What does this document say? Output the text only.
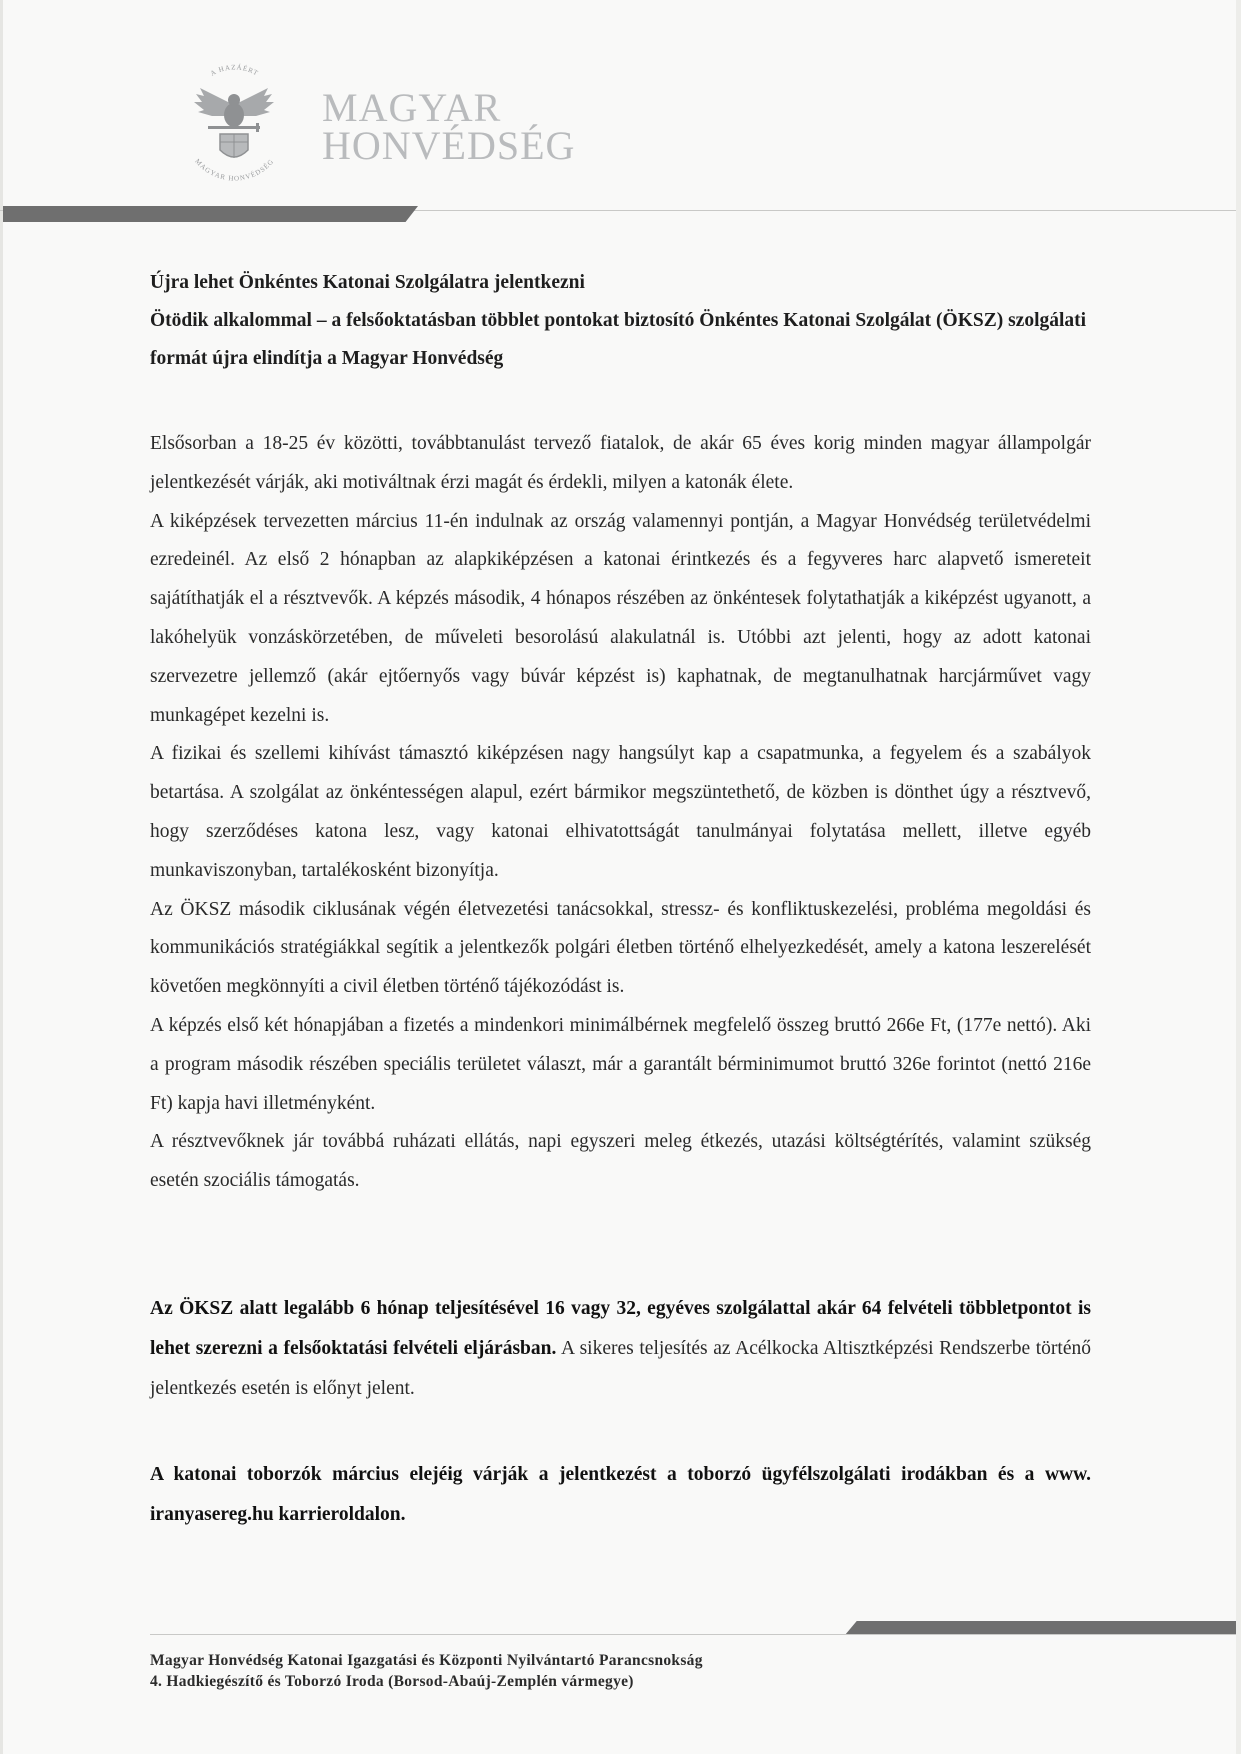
A HAZÁÉRT
MAGYAR HONVÉDSÉG
MAGYAR
HONVÉDSÉG
Újra lehet Önkéntes Katonai Szolgálatra jelentkezni
Ötödik alkalommal – a felsőoktatásban többlet pontokat biztosító Önkéntes Katonai Szolgálat (ÖKSZ) szolgálati formát újra elindítja a Magyar Honvédség

Elsősorban a 18-25 év közötti, továbbtanulást tervező fiatalok, de akár 65 éves korig minden magyar állampolgár jelentkezését várják, aki motiváltnak érzi magát és érdekli, milyen a katonák élete.

A kiképzések tervezetten március 11-én indulnak az ország valamennyi pontján, a Magyar Honvédség területvédelmi ezredeinél. Az első 2 hónapban az alapkiképzésen a katonai érintkezés és a fegyveres harc alapvető ismereteit sajátíthatják el a résztvevők. A képzés második, 4 hónapos részében az önkéntesek folytathatják a kiképzést ugyanott, a lakóhelyük vonzáskörzetében, de műveleti besorolású alakulatnál is. Utóbbi azt jelenti, hogy az adott katonai szervezetre jellemző (akár ejtőernyős vagy búvár képzést is) kaphatnak, de megtanulhatnak harcjárművet vagy munkagépet kezelni is.

A fizikai és szellemi kihívást támasztó kiképzésen nagy hangsúlyt kap a csapatmunka, a fegyelem és a szabályok betartása. A szolgálat az önkéntességen alapul, ezért bármikor megszüntethető, de közben is dönthet úgy a résztvevő, hogy szerződéses katona lesz, vagy katonai elhivatottságát tanulmányai folytatása mellett, illetve egyéb munkaviszonyban, tartalékosként bizonyítja.

Az ÖKSZ második ciklusának végén életvezetési tanácsokkal, stressz- és konfliktuskezelési, probléma megoldási és kommunikációs stratégiákkal segítik a jelentkezők polgári életben történő elhelyezkedését, amely a katona leszerelését követően megkönnyíti a civil életben történő tájékozódást is.

A képzés első két hónapjában a fizetés a mindenkori minimálbérnek megfelelő összeg bruttó 266e Ft, (177e nettó). Aki a program második részében speciális területet választ, már a garantált bérminimumot bruttó 326e forintot (nettó 216e Ft) kapja havi illetményként.

A résztvevőknek jár továbbá ruházati ellátás, napi egyszeri meleg étkezés, utazási költségtérítés, valamint szükség esetén szociális támogatás.

Az ÖKSZ alatt legalább 6 hónap teljesítésével 16 vagy 32, egyéves szolgálattal akár 64 felvételi többletpontot is lehet szerezni a felsőoktatási felvételi eljárásban. A sikeres teljesítés az Acélkocka Altisztképzési Rendszerbe történő jelentkezés esetén is előnyt jelent.

A katonai toborzók március elejéig várják a jelentkezést a toborzó ügyfélszolgálati irodákban és a www. iranyasereg.hu karrieroldalon.

Magyar Honvédség Katonai Igazgatási és Központi Nyilvántartó Parancsnokság
4. Hadkiegészítő és Toborzó Iroda (Borsod-Abaúj-Zemplén vármegye)
